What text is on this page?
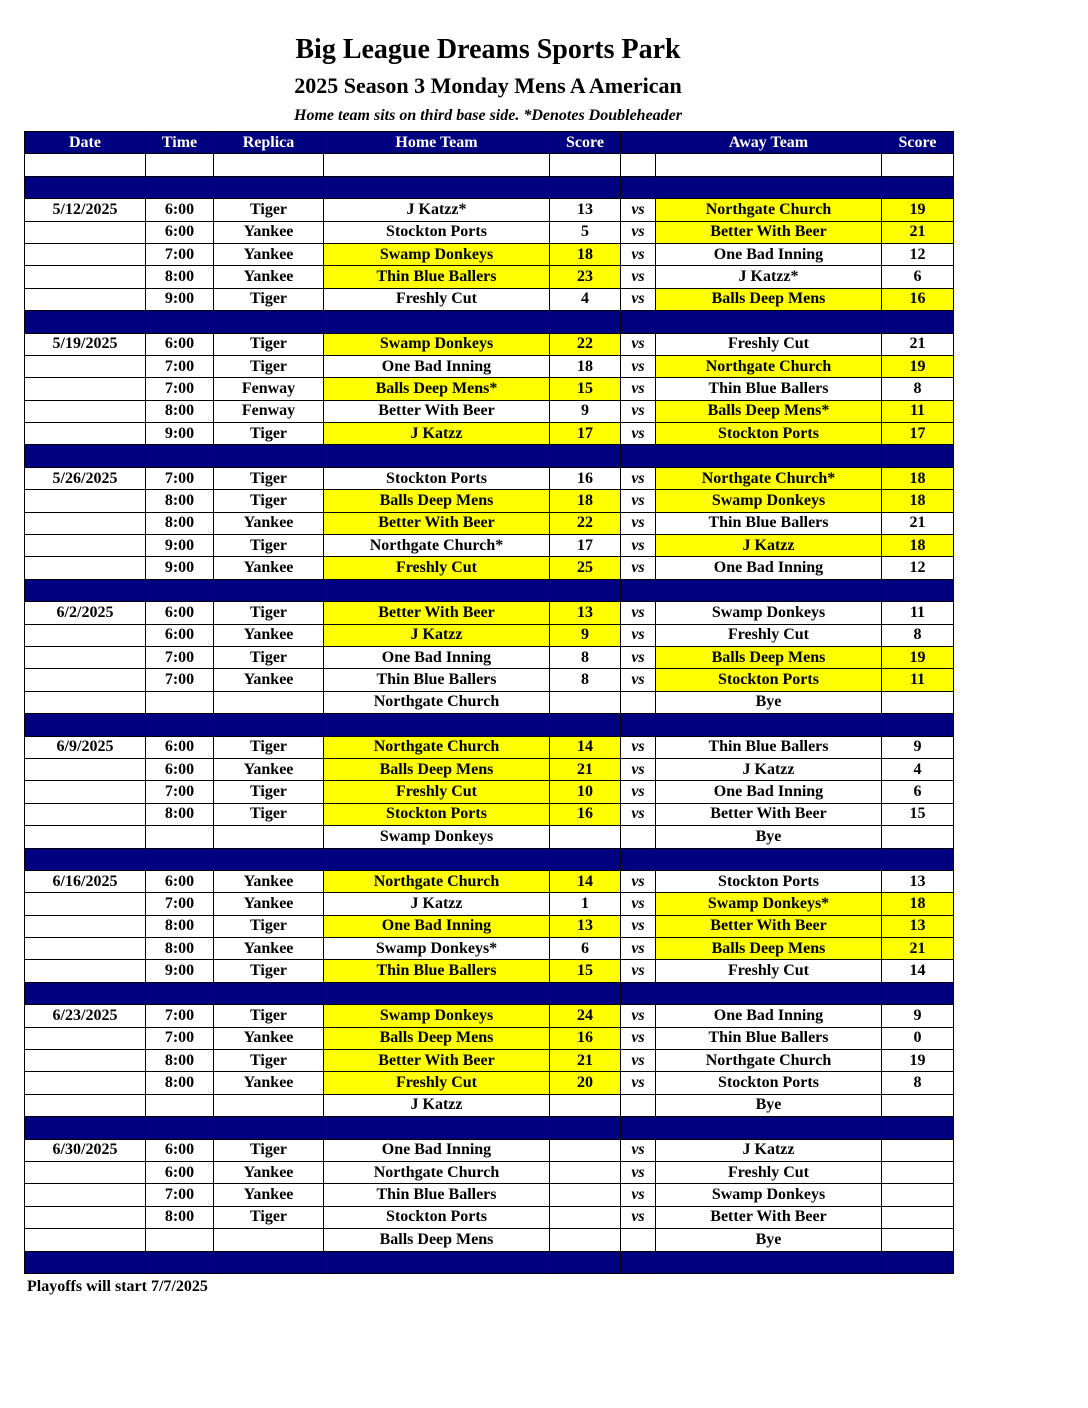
Big League Dreams Sports Park
2025 Season 3 Monday Mens A American
Home team sits on third base side. *Denotes Doubleheader
Date	Time	Replica	Home Team	Score		Away Team	Score

5/12/2025	6:00	Tiger	J Katzz*	13	vs	Northgate Church	19
	6:00	Yankee	Stockton Ports	5	vs	Better With Beer	21
	7:00	Yankee	Swamp Donkeys	18	vs	One Bad Inning	12
	8:00	Yankee	Thin Blue Ballers	23	vs	J Katzz*	6
	9:00	Tiger	Freshly Cut	4	vs	Balls Deep Mens	16

5/19/2025	6:00	Tiger	Swamp Donkeys	22	vs	Freshly Cut	21
	7:00	Tiger	One Bad Inning	18	vs	Northgate Church	19
	7:00	Fenway	Balls Deep Mens*	15	vs	Thin Blue Ballers	8
	8:00	Fenway	Better With Beer	9	vs	Balls Deep Mens*	11
	9:00	Tiger	J Katzz	17	vs	Stockton Ports	17

5/26/2025	7:00	Tiger	Stockton Ports	16	vs	Northgate Church*	18
	8:00	Tiger	Balls Deep Mens	18	vs	Swamp Donkeys	18
	8:00	Yankee	Better With Beer	22	vs	Thin Blue Ballers	21
	9:00	Tiger	Northgate Church*	17	vs	J Katzz	18
	9:00	Yankee	Freshly Cut	25	vs	One Bad Inning	12

6/2/2025	6:00	Tiger	Better With Beer	13	vs	Swamp Donkeys	11
	6:00	Yankee	J Katzz	9	vs	Freshly Cut	8
	7:00	Tiger	One Bad Inning	8	vs	Balls Deep Mens	19
	7:00	Yankee	Thin Blue Ballers	8	vs	Stockton Ports	11
			Northgate Church			Bye	

6/9/2025	6:00	Tiger	Northgate Church	14	vs	Thin Blue Ballers	9
	6:00	Yankee	Balls Deep Mens	21	vs	J Katzz	4
	7:00	Tiger	Freshly Cut	10	vs	One Bad Inning	6
	8:00	Tiger	Stockton Ports	16	vs	Better With Beer	15
			Swamp Donkeys			Bye	

6/16/2025	6:00	Yankee	Northgate Church	14	vs	Stockton Ports	13
	7:00	Yankee	J Katzz	1	vs	Swamp Donkeys*	18
	8:00	Tiger	One Bad Inning	13	vs	Better With Beer	13
	8:00	Yankee	Swamp Donkeys*	6	vs	Balls Deep Mens	21
	9:00	Tiger	Thin Blue Ballers	15	vs	Freshly Cut	14

6/23/2025	7:00	Tiger	Swamp Donkeys	24	vs	One Bad Inning	9
	7:00	Yankee	Balls Deep Mens	16	vs	Thin Blue Ballers	0
	8:00	Tiger	Better With Beer	21	vs	Northgate Church	19
	8:00	Yankee	Freshly Cut	20	vs	Stockton Ports	8
			J Katzz			Bye	

6/30/2025	6:00	Tiger	One Bad Inning		vs	J Katzz	
	6:00	Yankee	Northgate Church		vs	Freshly Cut	
	7:00	Yankee	Thin Blue Ballers		vs	Swamp Donkeys	
	8:00	Tiger	Stockton Ports		vs	Better With Beer	
			Balls Deep Mens			Bye	

Playoffs will start 7/7/2025
